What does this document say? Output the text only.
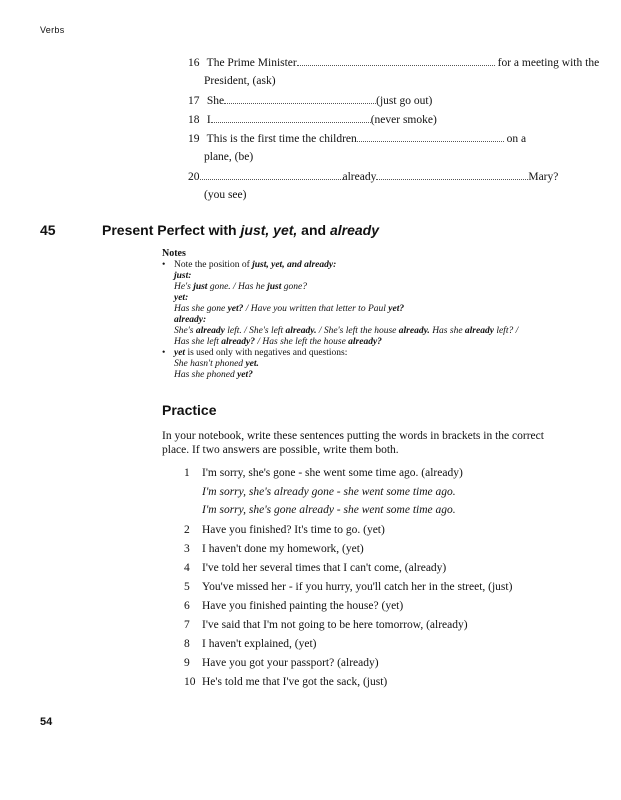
Verbs
16 The Prime Minister	for a meeting with the
President, (ask)
17 She	(just go out)
18 I	(never smoke)
19 This is the first time the children	on a
plane, (be)
20	already	Mary?
(you see)
45	Present Perfect with just, yet, and already
Notes
• Note the position of just, yet, and already:
just:
He's just gone. / Has he just gone?
yet:
Has she gone yet? / Have you written that letter to Paul yet?
already:
She's already left. / She's left already. / She's left the house already. Has she already left? /
Has she left already? / Has she left the house already?
• yet is used only with negatives and questions:
She hasn't phoned yet.
Has she phoned yet?
Practice
In your notebook, write these sentences putting the words in brackets in the correct place. If two answers are possible, write them both.
1 I'm sorry, she's gone - she went some time ago. (already)
I'm sorry, she's already gone - she went some time ago.
I'm sorry, she's gone already - she went some time ago.
2 Have you finished? It's time to go. (yet)
3 I haven't done my homework, (yet)
4 I've told her several times that I can't come, (already)
5 You've missed her - if you hurry, you'll catch her in the street, (just)
6 Have you finished painting the house? (yet)
7 I've said that I'm not going to be here tomorrow, (already)
8 I haven't explained, (yet)
9 Have you got your passport? (already)
10 He's told me that I've got the sack, (just)
54
